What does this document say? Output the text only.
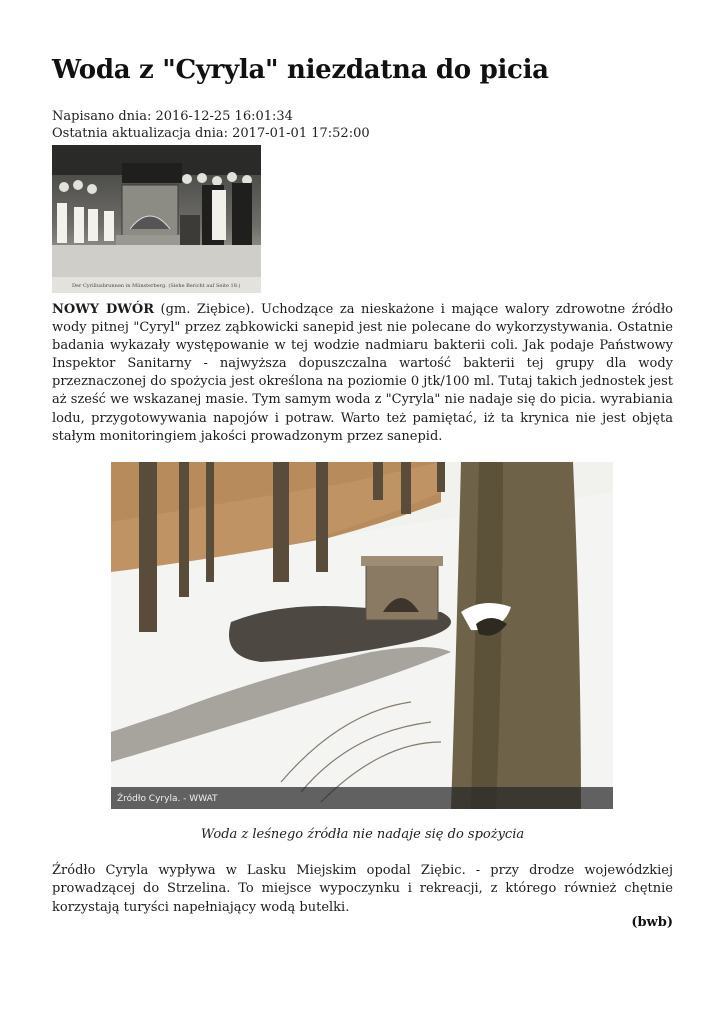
Woda z "Cyryla" niezdatna do picia
Napisano dnia: 2016-12-25 16:01:34
Ostatnia aktualizacja dnia: 2017-01-01 17:52:00
Der Cyrillusbrunnen in Münsterberg. (Siehe Bericht auf Seite 18.)
NOWY DWÓR (gm. Ziębice). Uchodzące za nieskażone i mające walory zdrowotne źródło wody pitnej "Cyryl" przez ząbkowicki sanepid jest nie polecane do wykorzystywania. Ostatnie badania wykazały występowanie w tej wodzie nadmiaru bakterii coli. Jak podaje Państwowy Inspektor Sanitarny - najwyższa dopuszczalna wartość bakterii tej grupy dla wody przeznaczonej do spożycia jest określona na poziomie 0 jtk/100 ml. Tutaj takich jednostek jest aż sześć we wskazanej masie. Tym samym woda z "Cyryla" nie nadaje się do picia. wyrabiania lodu, przygotowywania napojów i potraw. Warto też pamiętać, iż ta krynica nie jest objęta stałym monitoringiem jakości prowadzonym przez sanepid.
Źródło Cyryla. - WWAT
Woda z leśnego źródła nie nadaje się do spożycia
Źródło Cyryla wypływa w Lasku Miejskim opodal Ziębic. - przy drodze wojewódzkiej prowadzącej do Strzelina. To miejsce wypoczynku i rekreacji, z którego również chętnie korzystają turyści napełniający wodą butelki.
(bwb)
